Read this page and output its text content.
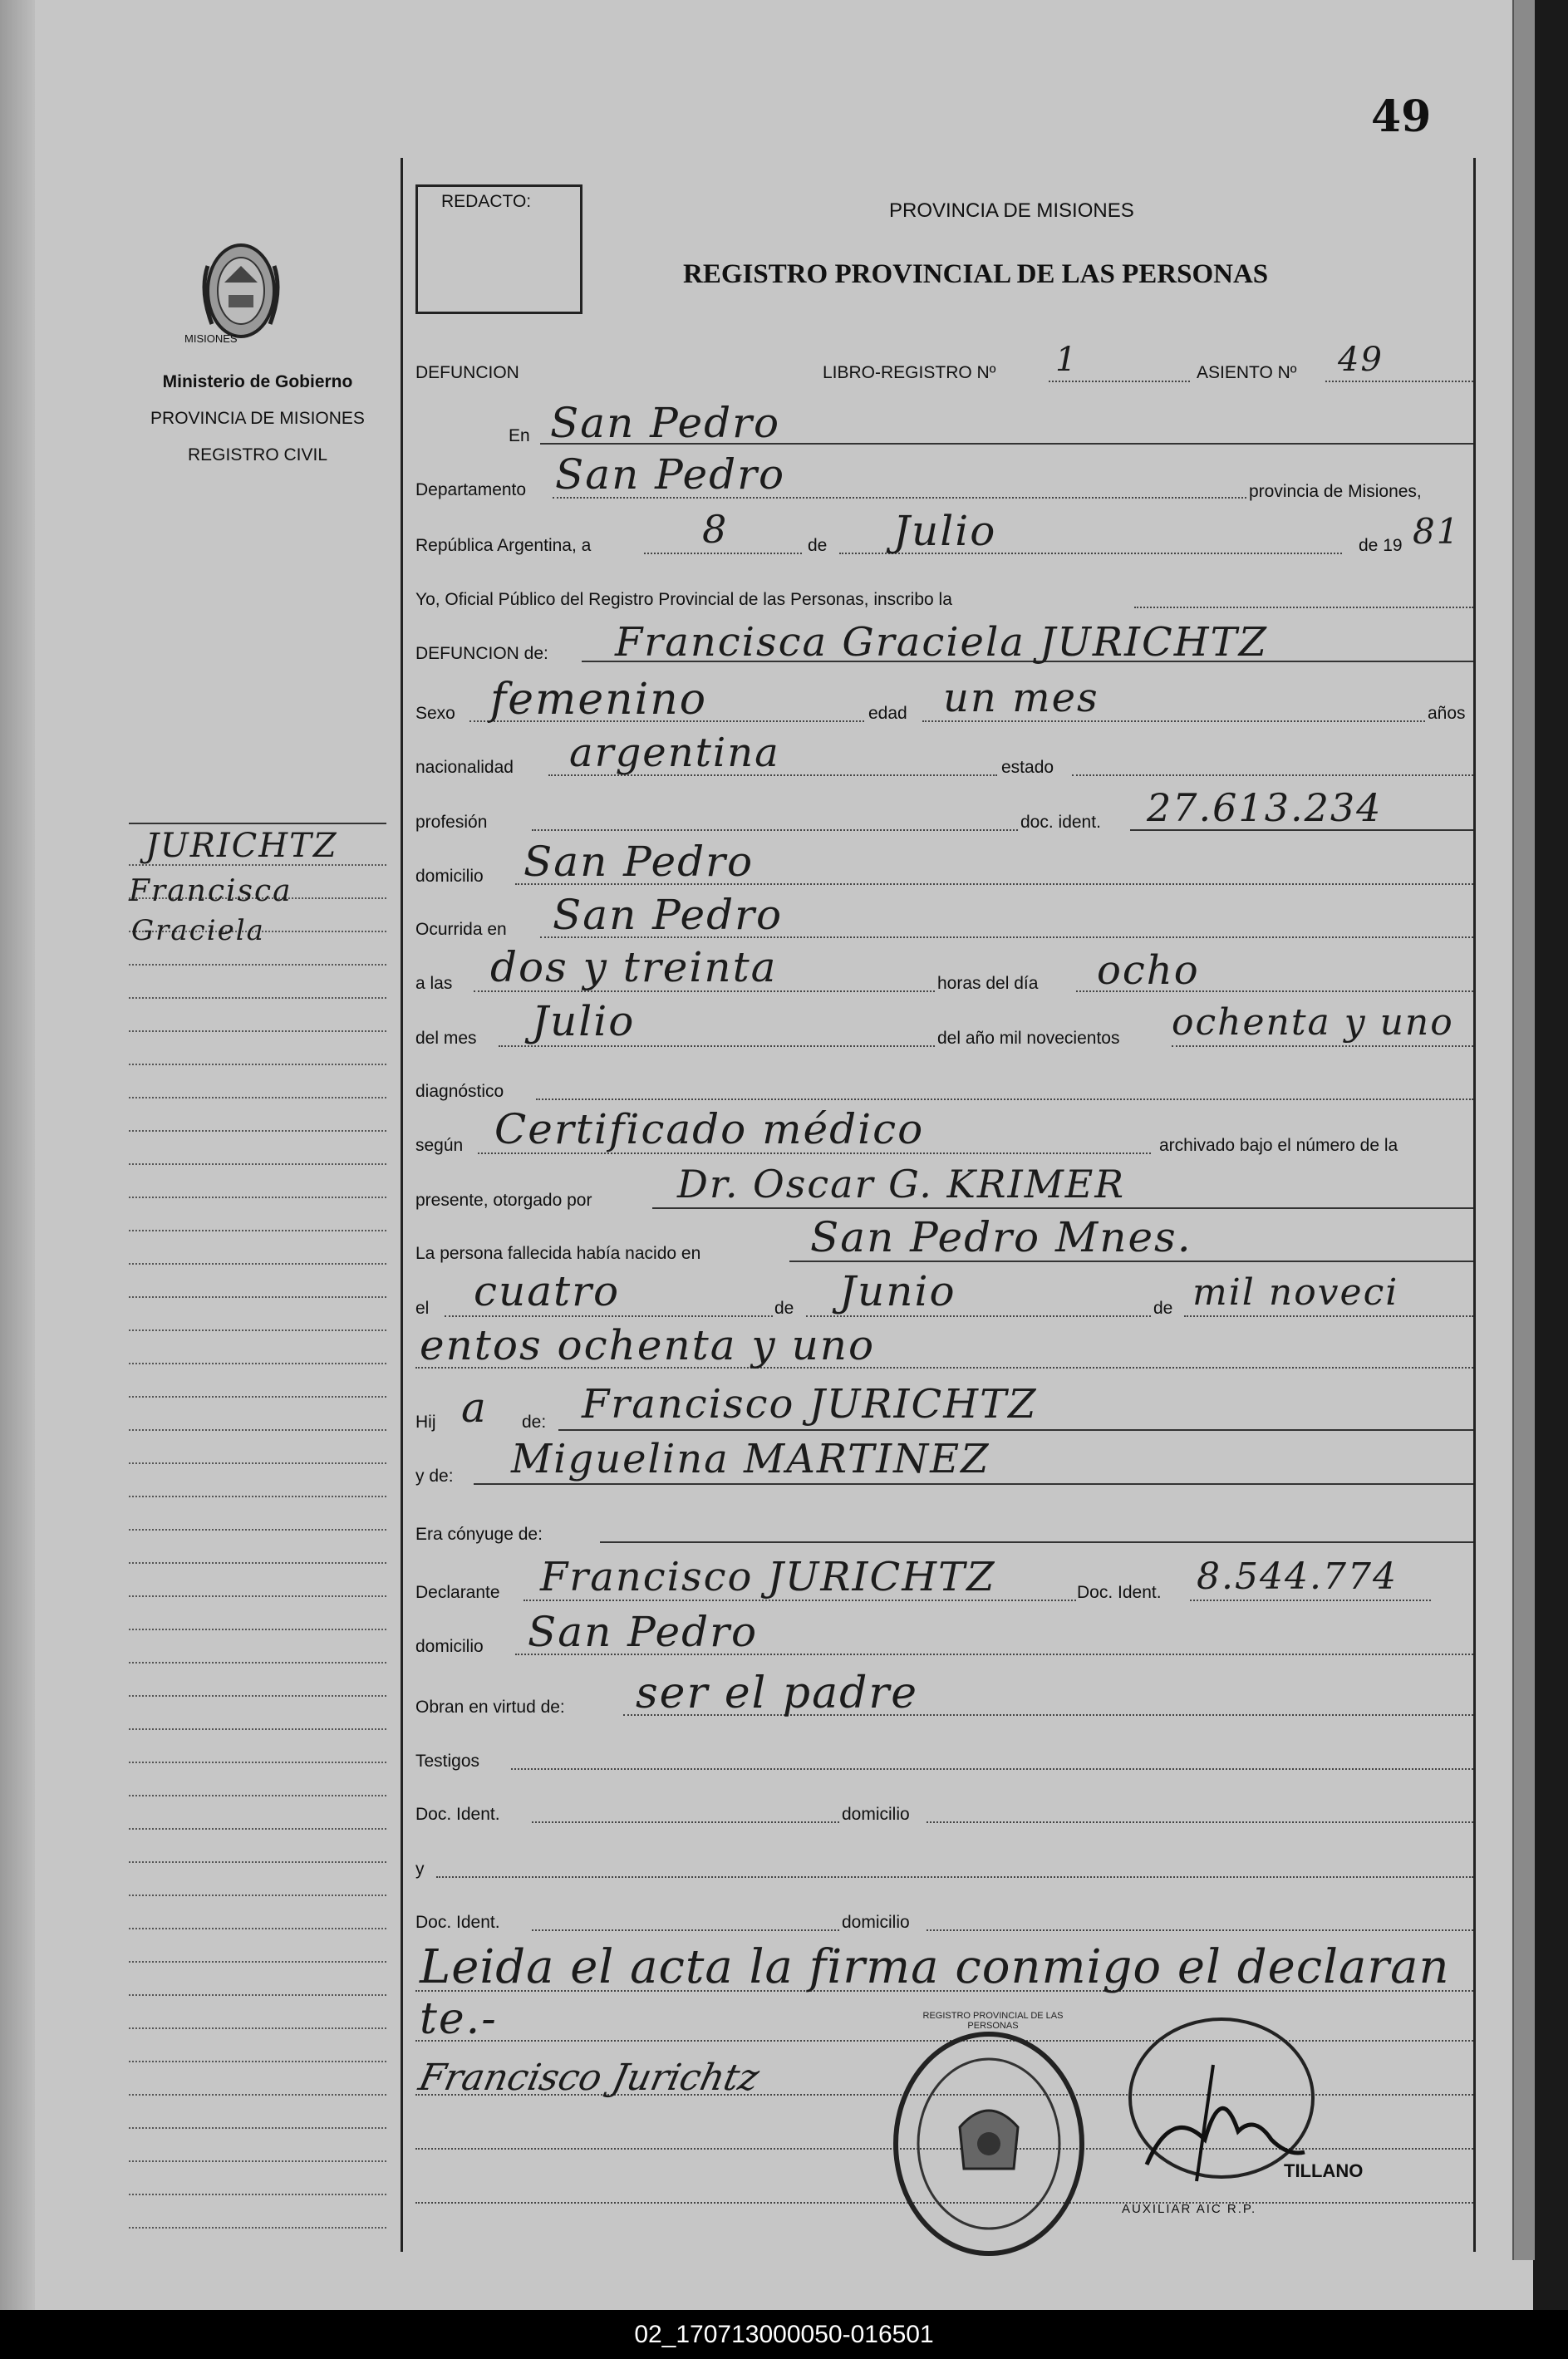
49
MISIONES
Ministerio de Gobierno
PROVINCIA DE MISIONES
REGISTRO CIVIL
JURICHTZ
Francisca
Graciela
REDACTO:	PROVINCIA DE MISIONES
REGISTRO PROVINCIAL DE LAS PERSONAS
DEFUNCION	LIBRO-REGISTRO Nº 1	ASIENTO Nº 49
En San Pedro
Departamento San Pedro	provincia de Misiones,
República Argentina, a	8	de Julio	de 19 81
Yo, Oficial Público del Registro Provincial de las Personas, inscribo la
DEFUNCION de: Francisca Graciela JURICHTZ
Sexo femenino	edad un mes	años
nacionalidad argentina	estado
profesión	doc. ident. 27.613.234
domicilio San Pedro
Ocurrida en San Pedro
a las dos y treinta	horas del día ocho
del mes Julio	del año mil novecientos ochenta y uno
diagnóstico
según Certificado médico	archivado bajo el número de la
presente, otorgado por Dr. Oscar G. KRIMER
La persona fallecida había nacido en	San Pedro Mnes.
el cuatro	de Junio	de mil noveci
entos ochenta y uno
Hij a de: Francisco JURICHTZ
y de: Miguelina MARTINEZ
Era cónyuge de:
Declarante Francisco JURICHTZ	Doc. Ident. 8.544.774
domicilio San Pedro
Obran en virtud de: ser el padre
Testigos
Doc. Ident.	domicilio
y
Doc. Ident.	domicilio
Leida el acta la firma conmigo el declaran
te.-
Francisco Jurichtz
REGISTRO PROVINCIAL DE LAS PERSONAS
TILLANO
AUXILIAR AIC R.P.
02_170713000050-016501
